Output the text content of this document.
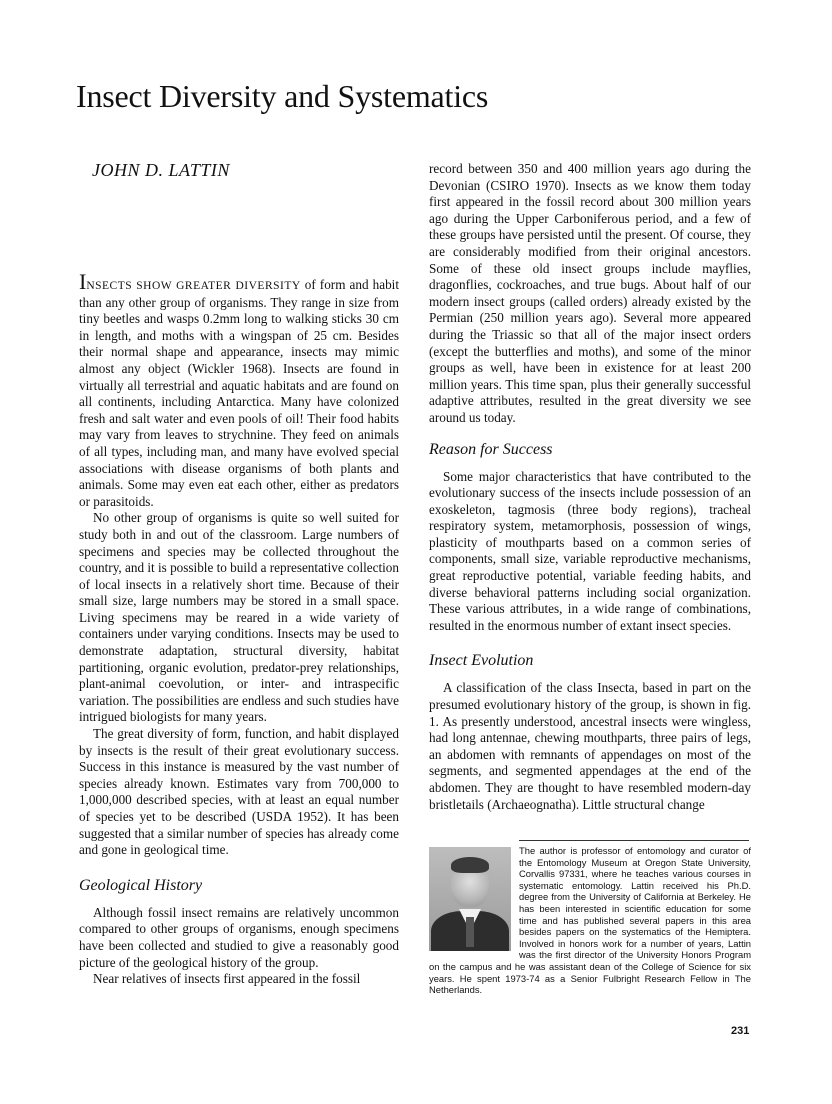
Insect Diversity and Systematics

JOHN D. LATTIN

INSECTS SHOW GREATER DIVERSITY of form and habit than any other group of organisms. They range in size from tiny beetles and wasps 0.2mm long to walking sticks 30 cm in length, and moths with a wingspan of 25 cm. Besides their normal shape and appearance, insects may mimic almost any object (Wickler 1968). Insects are found in virtually all terrestrial and aquatic habitats and are found on all continents, including Antarctica. Many have colonized fresh and salt water and even pools of oil! Their food habits may vary from leaves to strychnine. They feed on animals of all types, including man, and many have evolved special associations with disease organisms of both plants and animals. Some may even eat each other, either as predators or parasitoids.

No other group of organisms is quite so well suited for study both in and out of the classroom. Large numbers of specimens and species may be collected throughout the country, and it is possible to build a representative collection of local insects in a relatively short time. Because of their small size, large numbers may be stored in a small space. Living specimens may be reared in a wide variety of containers under varying conditions. Insects may be used to demonstrate adaptation, structural diversity, habitat partitioning, organic evolution, predator-prey relationships, plant-animal coevolution, or inter- and intraspecific variation. The possibilities are endless and such studies have intrigued biologists for many years.

The great diversity of form, function, and habit displayed by insects is the result of their great evolutionary success. Success in this instance is measured by the vast number of species already known. Estimates vary from 700,000 to 1,000,000 described species, with at least an equal number of species yet to be described (USDA 1952). It has been suggested that a similar number of species has already come and gone in geological time.

Geological History

Although fossil insect remains are relatively uncommon compared to other groups of organisms, enough specimens have been collected and studied to give a reasonably good picture of the geological history of the group.

Near relatives of insects first appeared in the fossil

record between 350 and 400 million years ago during the Devonian (CSIRO 1970). Insects as we know them today first appeared in the fossil record about 300 million years ago during the Upper Carboniferous period, and a few of these groups have persisted until the present. Of course, they are considerably modified from their original ancestors. Some of these old insect groups include mayflies, dragonflies, cockroaches, and true bugs. About half of our modern insect groups (called orders) already existed by the Permian (250 million years ago). Several more appeared during the Triassic so that all of the major insect orders (except the butterflies and moths), and some of the minor groups as well, have been in existence for at least 200 million years. This time span, plus their generally successful adaptive attributes, resulted in the great diversity we see around us today.

Reason for Success

Some major characteristics that have contributed to the evolutionary success of the insects include possession of an exoskeleton, tagmosis (three body regions), tracheal respiratory system, metamorphosis, possession of wings, plasticity of mouthparts based on a common series of components, small size, variable reproductive mechanisms, great reproductive potential, variable feeding habits, and diverse behavioral patterns including social organization. These various attributes, in a wide range of combinations, resulted in the enormous number of extant insect species.

Insect Evolution

A classification of the class Insecta, based in part on the presumed evolutionary history of the group, is shown in fig. 1. As presently understood, ancestral insects were wingless, had long antennae, chewing mouthparts, three pairs of legs, an abdomen with remnants of appendages on most of the segments, and segmented appendages at the end of the abdomen. They are thought to have resembled modern-day bristletails (Archaeognatha). Little structural change

The author is professor of entomology and curator of the Entomology Museum at Oregon State University, Corvallis 97331, where he teaches various courses in systematic entomology. Lattin received his Ph.D. degree from the University of California at Berkeley. He has been interested in scientific education for some time and has published several papers in this area besides papers on the systematics of the Hemiptera. Involved in honors work for a number of years, Lattin was the first director of the University Honors Program on the campus and he was assistant dean of the College of Science for six years. He spent 1973-74 as a Senior Fulbright Research Fellow in The Netherlands.

231
